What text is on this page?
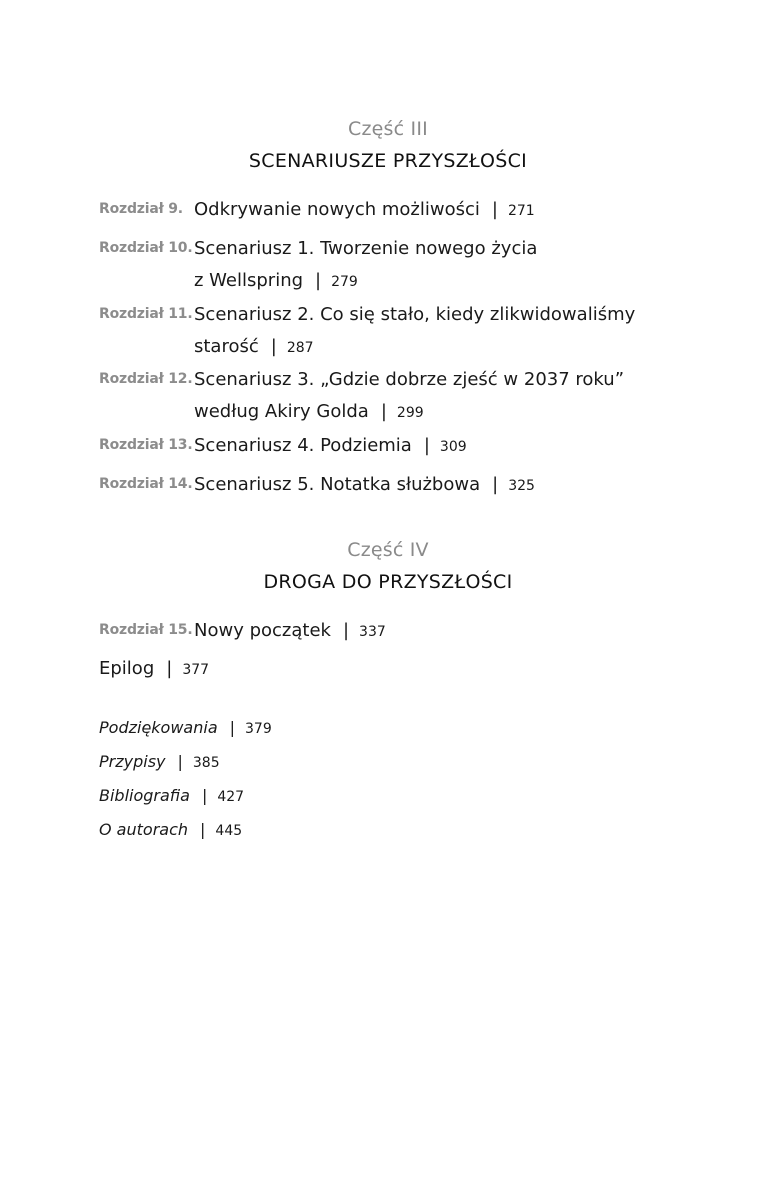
Część III
SCENARIUSZE PRZYSZŁOŚCI
Rozdział 9. Odkrywanie nowych możliwości | 271
Rozdział 10. Scenariusz 1. Tworzenie nowego życia
z Wellspring | 279
Rozdział 11. Scenariusz 2. Co się stało, kiedy zlikwidowaliśmy
starość | 287
Rozdział 12. Scenariusz 3. „Gdzie dobrze zjeść w 2037 roku”
według Akiry Golda | 299
Rozdział 13. Scenariusz 4. Podziemia | 309
Rozdział 14. Scenariusz 5. Notatka służbowa | 325
Część IV
DROGA DO PRZYSZŁOŚCI
Rozdział 15. Nowy początek | 337
Epilog | 377
Podziękowania | 379
Przypisy | 385
Bibliografia | 427
O autorach | 445
